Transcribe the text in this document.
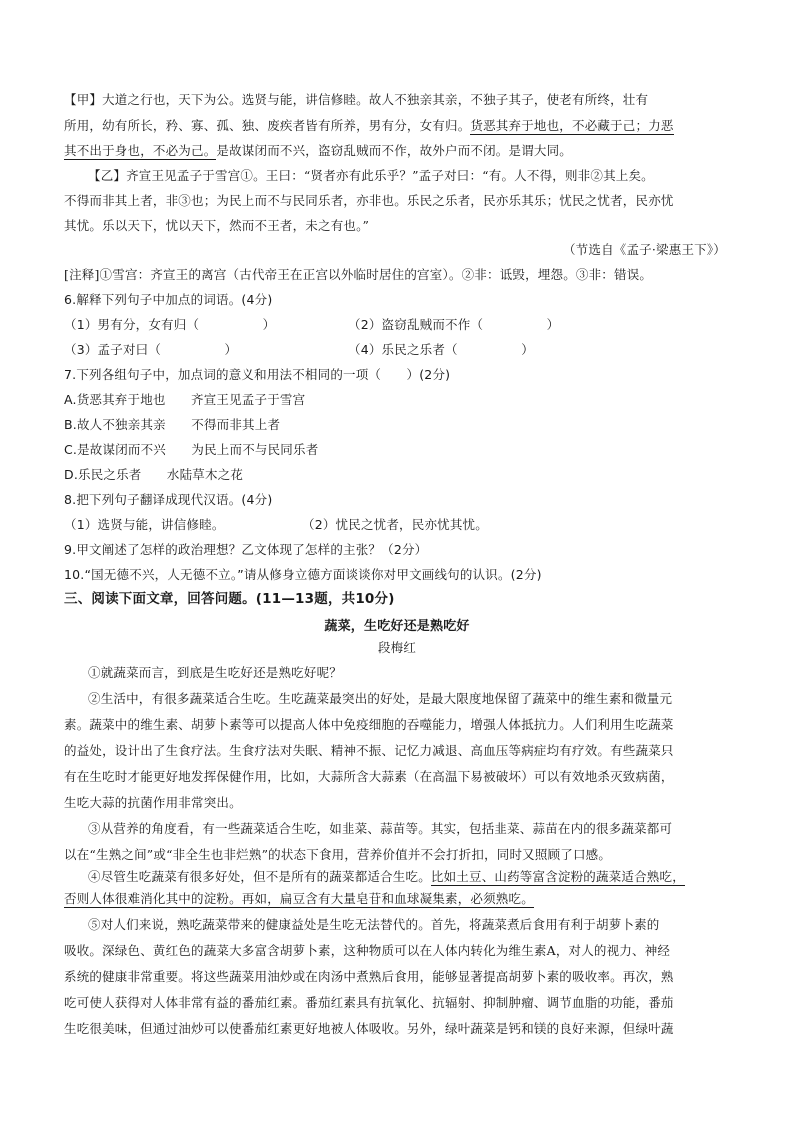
【甲】大道之行也，天下为公。选贤与能，讲信修睦。故人不独亲其亲，不独子其子，使老有所终，壮有
所用，幼有所长，矜、寡、孤、独、废疾者皆有所养，男有分，女有归。货恶其弃于地也，不必藏于己；力恶
其不出于身也，不必为己。是故谋闭而不兴，盗窃乱贼而不作，故外户而不闭。是谓大同。
【乙】齐宣王见孟子于雪宫①。王曰：“贤者亦有此乐乎？”孟子对曰：“有。人不得，则非②其上矣。
不得而非其上者，非③也；为民上而不与民同乐者，亦非也。乐民之乐者，民亦乐其乐；忧民之忧者，民亦忧
其忧。乐以天下，忧以天下，然而不王者，未之有也。”
（节选自《孟子·梁惠王下》）
[注释]①雪宫：齐宣王的离宫（古代帝王在正宫以外临时居住的宫室）。②非：诋毁，埋怨。③非：错误。
6.解释下列句子中加点的词语。(4分)
（1）男有分，女有归（　　　　　）	（2）盗窃乱贼而不作（　　　　　）
（3）孟子对曰（　　　　　）	（4）乐民之乐者（　　　　　）
7.下列各组句子中，加点词的意义和用法不相同的一项（　　）(2分)
A.货恶其弃于地也　　齐宣王见孟子于雪宫
B.故人不独亲其亲　　不得而非其上者
C.是故谋闭而不兴　　为民上而不与民同乐者
D.乐民之乐者　　水陆草木之花
8.把下列句子翻译成现代汉语。(4分)
（1）选贤与能，讲信修睦。	（2）忧民之忧者，民亦忧其忧。
9.甲文阐述了怎样的政治理想？乙文体现了怎样的主张？（2分）
10.“国无德不兴，人无德不立。”请从修身立德方面谈谈你对甲文画线句的认识。(2分)
三、阅读下面文章，回答问题。(11—13题，共10分)
蔬菜，生吃好还是熟吃好
段梅红
①就蔬菜而言，到底是生吃好还是熟吃好呢？
②生活中，有很多蔬菜适合生吃。生吃蔬菜最突出的好处，是最大限度地保留了蔬菜中的维生素和微量元
素。蔬菜中的维生素、胡萝卜素等可以提高人体中免疫细胞的吞噬能力，增强人体抵抗力。人们利用生吃蔬菜
的益处，设计出了生食疗法。生食疗法对失眠、精神不振、记忆力减退、高血压等病症均有疗效。有些蔬菜只
有在生吃时才能更好地发挥保健作用，比如，大蒜所含大蒜素（在高温下易被破坏）可以有效地杀灭致病菌，
生吃大蒜的抗菌作用非常突出。
③从营养的角度看，有一些蔬菜适合生吃，如韭菜、蒜苗等。其实，包括韭菜、蒜苗在内的很多蔬菜都可
以在“生熟之间”或“非全生也非烂熟”的状态下食用，营养价值并不会打折扣，同时又照顾了口感。
④尽管生吃蔬菜有很多好处，但不是所有的蔬菜都适合生吃。比如土豆、山药等富含淀粉的蔬菜适合熟吃，
否则人体很难消化其中的淀粉。再如，扁豆含有大量皂苷和血球凝集素，必须熟吃。
⑤对人们来说，熟吃蔬菜带来的健康益处是生吃无法替代的。首先，将蔬菜煮后食用有利于胡萝卜素的
吸收。深绿色、黄红色的蔬菜大多富含胡萝卜素，这种物质可以在人体内转化为维生素A，对人的视力、神经
系统的健康非常重要。将这些蔬菜用油炒或在肉汤中煮熟后食用，能够显著提高胡萝卜素的吸收率。再次，熟
吃可使人获得对人体非常有益的番茄红素。番茄红素具有抗氧化、抗辐射、抑制肿瘤、调节血脂的功能，番茄
生吃很美味，但通过油炒可以使番茄红素更好地被人体吸收。另外，绿叶蔬菜是钙和镁的良好来源，但绿叶蔬
